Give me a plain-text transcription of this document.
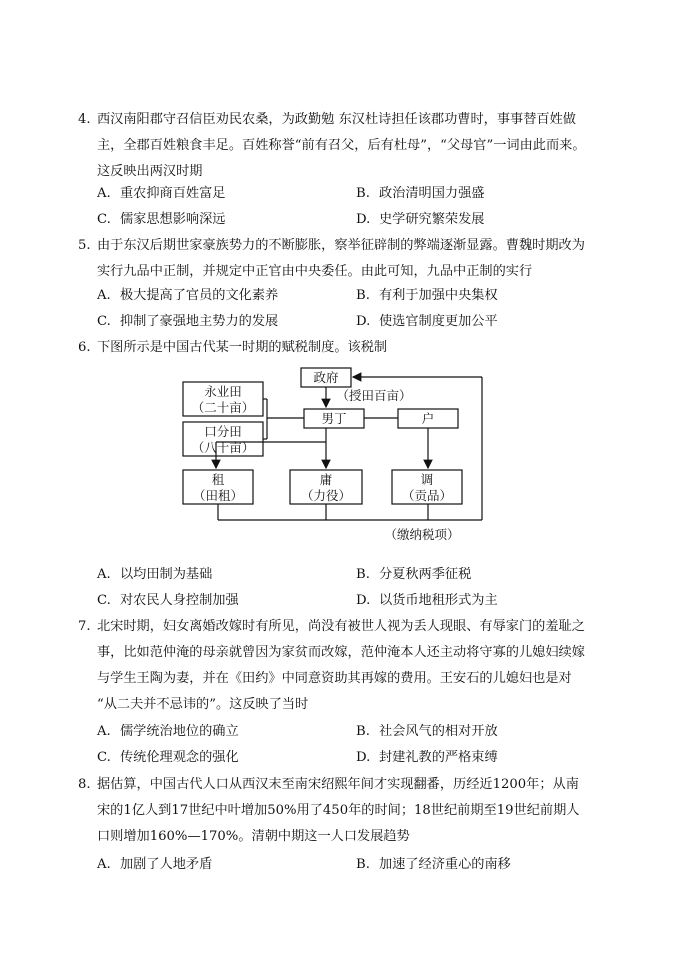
4. 西汉南阳郡守召信臣劝民农桑，为政勤勉 东汉杜诗担任该郡功曹时，事事替百姓做
主，全郡百姓粮食丰足。百姓称誉“前有召父，后有杜母”，“父母官”一词由此而来。
这反映出两汉时期
A. 重农抑商百姓富足	B. 政治清明国力强盛
C. 儒家思想影响深远	D. 史学研究繁荣发展
5. 由于东汉后期世家豪族势力的不断膨胀，察举征辟制的弊端逐渐显露。曹魏时期改为
实行九品中正制，并规定中正官由中央委任。由此可知，九品中正制的实行
A. 极大提高了官员的文化素养	B. 有利于加强中央集权
C. 抑制了豪强地主势力的发展	D. 使选官制度更加公平
6. 下图所示是中国古代某一时期的赋税制度。该税制
政府
（授田百亩）
男丁	户
永业田
（二十亩）
口分田
（八十亩）
租
（田租）
庸
（力役）
调
（贡品）
（缴纳税项）
A. 以均田制为基础	B. 分夏秋两季征税
C. 对农民人身控制加强	D. 以货币地租形式为主
7. 北宋时期，妇女离婚改嫁时有所见，尚没有被世人视为丢人现眼、有辱家门的羞耻之
事，比如范仲淹的母亲就曾因为家贫而改嫁，范仲淹本人还主动将守寡的儿媳妇续嫁
与学生王陶为妻，并在《田约》中同意资助其再嫁的费用。王安石的儿媳妇也是对
“从二夫并不忌讳的”。这反映了当时
A. 儒学统治地位的确立	B. 社会风气的相对开放
C. 传统伦理观念的强化	D. 封建礼教的严格束缚
8. 据估算，中国古代人口从西汉末至南宋绍熙年间才实现翻番，历经近1200年；从南
宋的1亿人到17世纪中叶增加50%用了450年的时间；18世纪前期至19世纪前期人
口则增加160%—170%。清朝中期这一人口发展趋势
A. 加剧了人地矛盾	B. 加速了经济重心的南移
